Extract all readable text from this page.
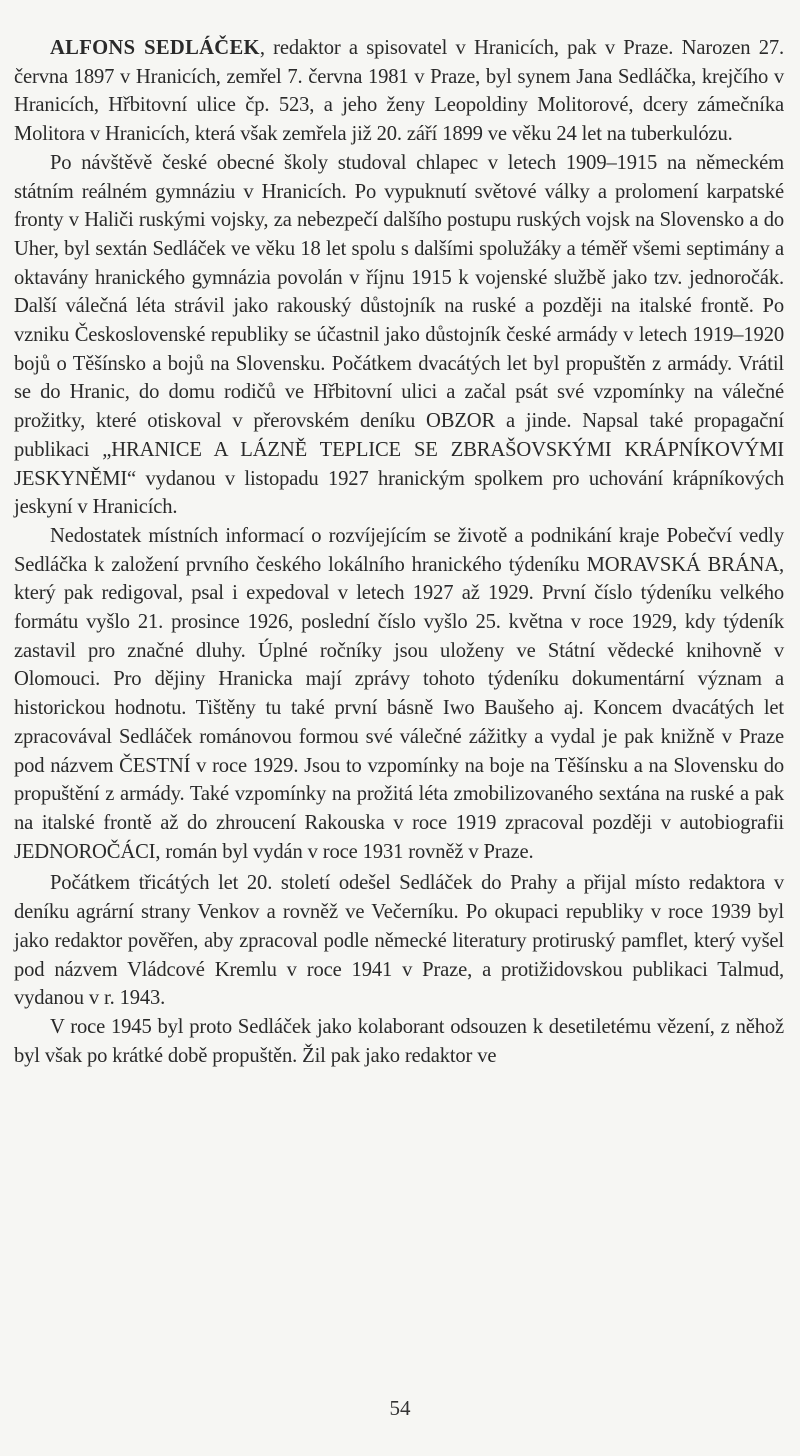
ALFONS SEDLÁČEK, redaktor a spisovatel v Hranicích, pak v Praze. Narozen 27. června 1897 v Hranicích, zemřel 7. června 1981 v Praze, byl synem Jana Sedláčka, krejčího v Hranicích, Hřbitovní ulice čp. 523, a jeho ženy Leopoldiny Molitorové, dcery zámečníka Molitora v Hranicích, která však zemřela již 20. září 1899 ve věku 24 let na tuberkulózu.

Po návštěvě české obecné školy studoval chlapec v letech 1909–1915 na německém státním reálném gymnáziu v Hranicích. Po vypuknutí světové války a prolomení karpatské fronty v Haliči ruskými vojsky, za nebezpečí dalšího postupu ruských vojsk na Slovensko a do Uher, byl sextán Sedláček ve věku 18 let spolu s dalšími spolužáky a téměř všemi septimány a oktavány hranického gymnázia povolán v říjnu 1915 k vojenské službě jako tzv. jednoročák. Další válečná léta strávil jako rakouský důstojník na ruské a později na italské frontě. Po vzniku Československé republiky se účastnil jako důstojník české armády v letech 1919–1920 bojů o Těšínsko a bojů na Slovensku. Počátkem dvacátých let byl propuštěn z armády. Vrátil se do Hranic, do domu rodičů ve Hřbitovní ulici a začal psát své vzpomínky na válečné prožitky, které otiskoval v přerovském deníku OBZOR a jinde. Napsal také propagační publikaci „HRANICE A LÁZNĚ TEPLICE SE ZBRAŠOVSKÝMI KRÁPNÍKOVÝMI JESKYNĚMI“ vydanou v listopadu 1927 hranickým spolkem pro uchování krápníkových jeskyní v Hranicích.

Nedostatek místních informací o rozvíjejícím se životě a podnikání kraje Pobečví vedly Sedláčka k založení prvního českého lokálního hranického týdeníku MORAVSKÁ BRÁNA, který pak redigoval, psal i expedoval v letech 1927 až 1929. První číslo týdeníku velkého formátu vyšlo 21. prosince 1926, poslední číslo vyšlo 25. května v roce 1929, kdy týdeník zastavil pro značné dluhy. Úplné ročníky jsou uloženy ve Státní vědecké knihovně v Olomouci. Pro dějiny Hranicka mají zprávy tohoto týdeníku dokumentární význam a historickou hodnotu. Tištěny tu také první básně Iwo Baušeho aj. Koncem dvacátých let zpracovával Sedláček románovou formou své válečné zážitky a vydal je pak knižně v Praze pod názvem ČESTNÍ v roce 1929. Jsou to vzpomínky na boje na Těšínsku a na Slovensku do propuštění z armády. Také vzpomínky na prožitá léta zmobilizovaného sextána na ruské a pak na italské frontě až do zhroucení Rakouska v roce 1919 zpracoval později v autobiografii JEDNOROČÁCI, román byl vydán v roce 1931 rovněž v Praze.

Počátkem třicátých let 20. století odešel Sedláček do Prahy a přijal místo redaktora v deníku agrární strany Venkov a rovněž ve Večerníku. Po okupaci republiky v roce 1939 byl jako redaktor pověřen, aby zpracoval podle německé literatury protiruský pamflet, který vyšel pod názvem Vládcové Kremlu v roce 1941 v Praze, a protižidovskou publikaci Talmud, vydanou v r. 1943.

V roce 1945 byl proto Sedláček jako kolaborant odsouzen k desetiletému vězení, z něhož byl však po krátké době propuštěn. Žil pak jako redaktor ve

54
